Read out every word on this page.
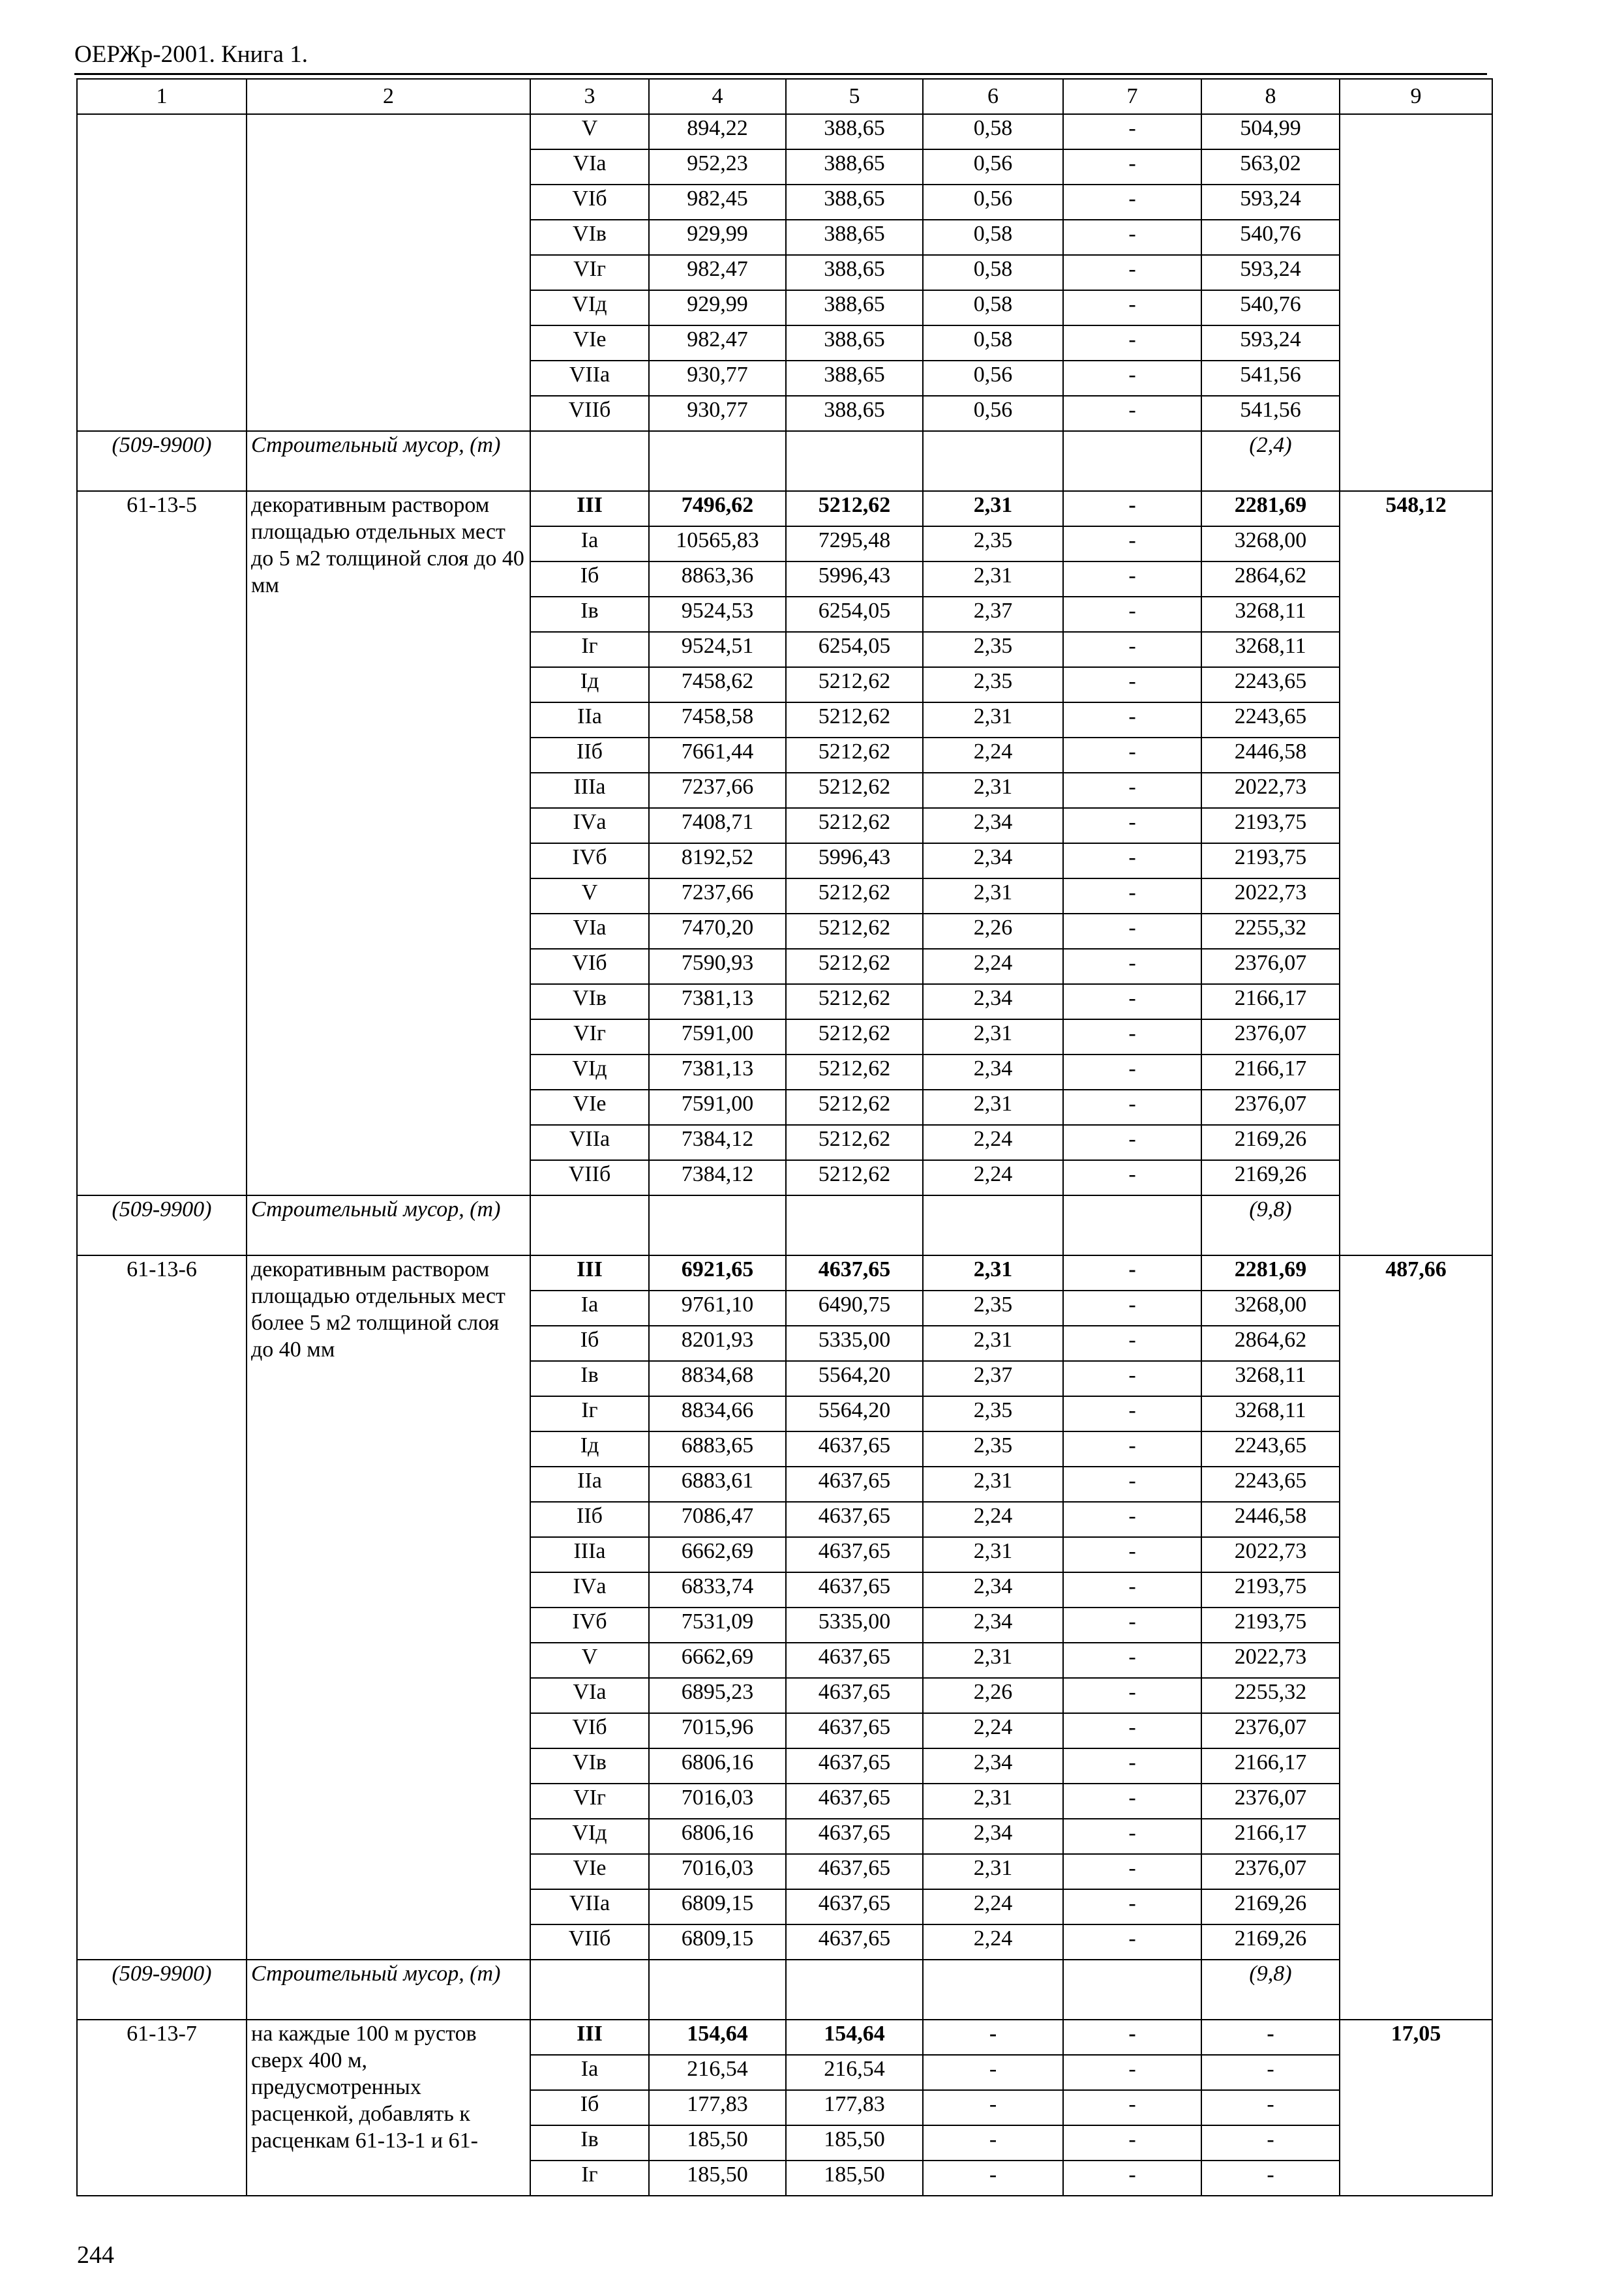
ОЕРЖр-2001. Книга 1.
1	2	3	4	5	6	7	8	9
		V	894,22	388,65	0,58	-	504,99	
		VIа	952,23	388,65	0,56	-	563,02	
		VIб	982,45	388,65	0,56	-	593,24	
		VIв	929,99	388,65	0,58	-	540,76	
		VIг	982,47	388,65	0,58	-	593,24	
		VIд	929,99	388,65	0,58	-	540,76	
		VIе	982,47	388,65	0,58	-	593,24	
		VIIа	930,77	388,65	0,56	-	541,56	
		VIIб	930,77	388,65	0,56	-	541,56	
(509-9900)	Строительный мусор, (т)						(2,4)	
61-13-5	декоративным раствором площадью отдельных мест до 5 м2 толщиной слоя до 40 мм	III	7496,62	5212,62	2,31	-	2281,69	548,12
		Iа	10565,83	7295,48	2,35	-	3268,00	
		Iб	8863,36	5996,43	2,31	-	2864,62	
		Iв	9524,53	6254,05	2,37	-	3268,11	
		Iг	9524,51	6254,05	2,35	-	3268,11	
		Iд	7458,62	5212,62	2,35	-	2243,65	
		IIа	7458,58	5212,62	2,31	-	2243,65	
		IIб	7661,44	5212,62	2,24	-	2446,58	
		IIIа	7237,66	5212,62	2,31	-	2022,73	
		IVа	7408,71	5212,62	2,34	-	2193,75	
		IVб	8192,52	5996,43	2,34	-	2193,75	
		V	7237,66	5212,62	2,31	-	2022,73	
		VIа	7470,20	5212,62	2,26	-	2255,32	
		VIб	7590,93	5212,62	2,24	-	2376,07	
		VIв	7381,13	5212,62	2,34	-	2166,17	
		VIг	7591,00	5212,62	2,31	-	2376,07	
		VIд	7381,13	5212,62	2,34	-	2166,17	
		VIе	7591,00	5212,62	2,31	-	2376,07	
		VIIа	7384,12	5212,62	2,24	-	2169,26	
		VIIб	7384,12	5212,62	2,24	-	2169,26	
(509-9900)	Строительный мусор, (т)						(9,8)	
61-13-6	декоративным раствором площадью отдельных мест более 5 м2 толщиной слоя до 40 мм	III	6921,65	4637,65	2,31	-	2281,69	487,66
		Iа	9761,10	6490,75	2,35	-	3268,00	
		Iб	8201,93	5335,00	2,31	-	2864,62	
		Iв	8834,68	5564,20	2,37	-	3268,11	
		Iг	8834,66	5564,20	2,35	-	3268,11	
		Iд	6883,65	4637,65	2,35	-	2243,65	
		IIа	6883,61	4637,65	2,31	-	2243,65	
		IIб	7086,47	4637,65	2,24	-	2446,58	
		IIIа	6662,69	4637,65	2,31	-	2022,73	
		IVа	6833,74	4637,65	2,34	-	2193,75	
		IVб	7531,09	5335,00	2,34	-	2193,75	
		V	6662,69	4637,65	2,31	-	2022,73	
		VIа	6895,23	4637,65	2,26	-	2255,32	
		VIб	7015,96	4637,65	2,24	-	2376,07	
		VIв	6806,16	4637,65	2,34	-	2166,17	
		VIг	7016,03	4637,65	2,31	-	2376,07	
		VIд	6806,16	4637,65	2,34	-	2166,17	
		VIе	7016,03	4637,65	2,31	-	2376,07	
		VIIа	6809,15	4637,65	2,24	-	2169,26	
		VIIб	6809,15	4637,65	2,24	-	2169,26	
(509-9900)	Строительный мусор, (т)						(9,8)	
61-13-7	на каждые 100 м рустов сверх 400 м, предусмотренных расценкой, добавлять к расценкам 61-13-1 и 61-	III	154,64	154,64	-	-	-	17,05
		Iа	216,54	216,54	-	-	-	
		Iб	177,83	177,83	-	-	-	
		Iв	185,50	185,50	-	-	-	
		Iг	185,50	185,50	-	-	-	
244
